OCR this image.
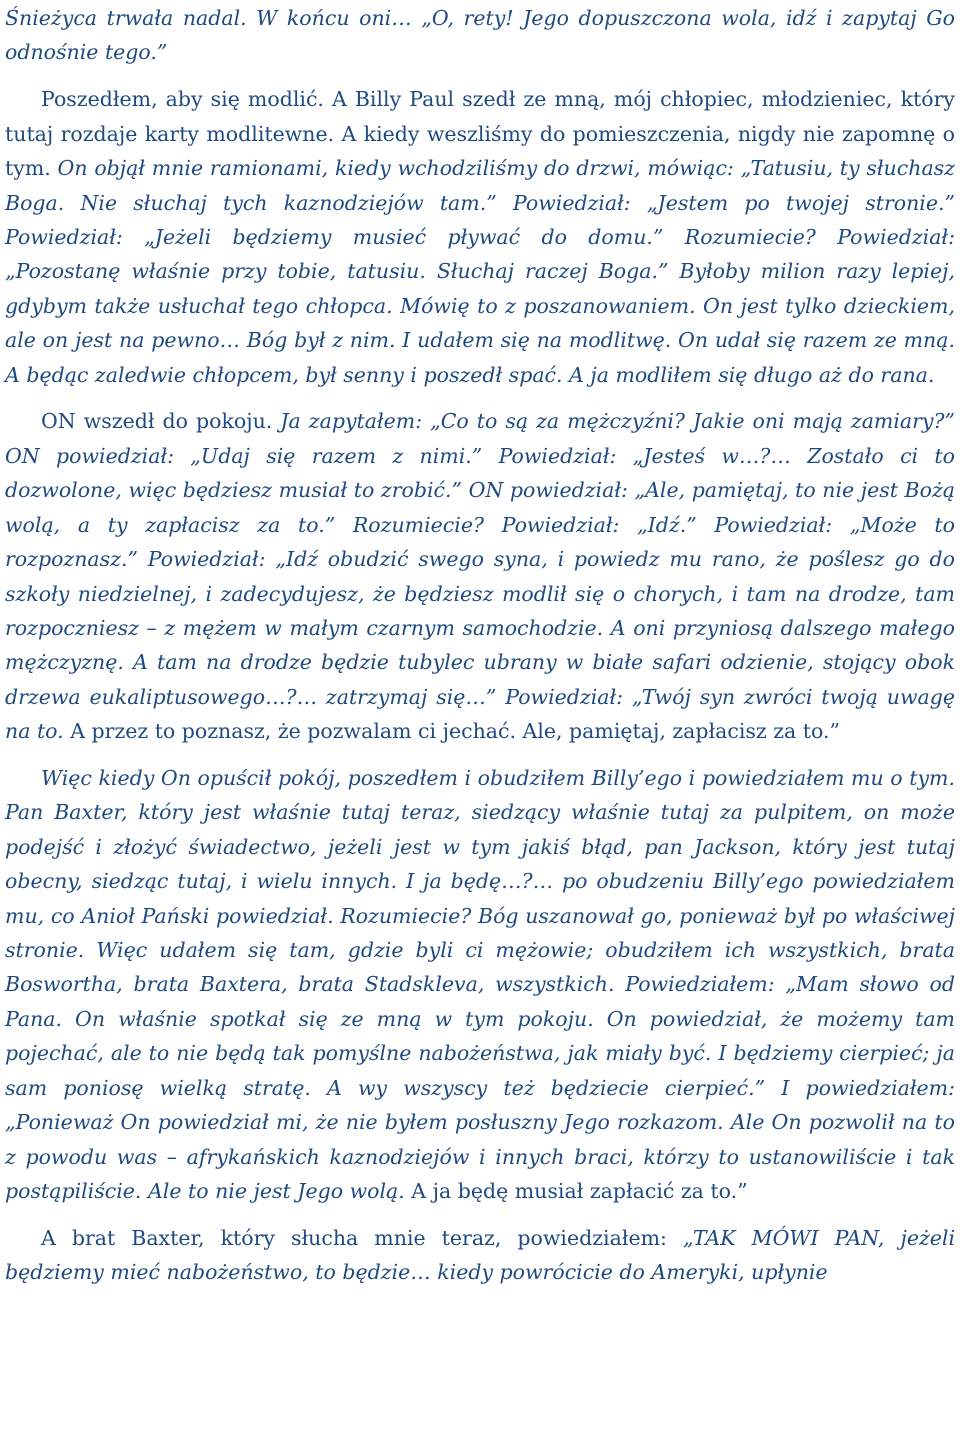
Śnieżyca trwała nadal. W końcu oni… „O, rety! Jego dopuszczona wola, idź i zapytaj Go odnośnie tego.”

Poszedłem, aby się modlić. A Billy Paul szedł ze mną, mój chłopiec, młodzieniec, który tutaj rozdaje karty modlitewne. A kiedy weszliśmy do pomieszczenia, nigdy nie zapomnę o tym. On objął mnie ramionami, kiedy wchodziliśmy do drzwi, mówiąc: „Tatusiu, ty słuchasz Boga. Nie słuchaj tych kaznodziejów tam.” Powiedział: „Jestem po twojej stronie.” Powiedział: „Jeżeli będziemy musieć pływać do domu.” Rozumiecie? Powiedział: „Pozostanę właśnie przy tobie, tatusiu. Słuchaj raczej Boga.” Byłoby milion razy lepiej, gdybym także usłuchał tego chłopca. Mówię to z poszanowaniem. On jest tylko dzieckiem, ale on jest na pewno… Bóg był z nim. I udałem się na modlitwę. On udał się razem ze mną. A będąc zaledwie chłopcem, był senny i poszedł spać. A ja modliłem się długo aż do rana.

ON wszedł do pokoju. Ja zapytałem: „Co to są za mężczyźni? Jakie oni mają zamiary?” ON powiedział: „Udaj się razem z nimi.” Powiedział: „Jesteś w…?… Zostało ci to dozwolone, więc będziesz musiał to zrobić.” ON powiedział: „Ale, pamiętaj, to nie jest Bożą wolą, a ty zapłacisz za to.” Rozumiecie? Powiedział: „Idź.” Powiedział: „Może to rozpoznasz.” Powiedział: „Idź obudzić swego syna, i powiedz mu rano, że poślesz go do szkoły niedzielnej, i zadecydujesz, że będziesz modlił się o chorych, i tam na drodze, tam rozpoczniesz – z mężem w małym czarnym samochodzie. A oni przyniosą dalszego małego mężczyznę. A tam na drodze będzie tubylec ubrany w białe safari odzienie, stojący obok drzewa eukaliptusowego…?… zatrzymaj się…” Powiedział: „Twój syn zwróci twoją uwagę na to. A przez to poznasz, że pozwalam ci jechać. Ale, pamiętaj, zapłacisz za to.”

Więc kiedy On opuścił pokój, poszedłem i obudziłem Billy’ego i powiedziałem mu o tym. Pan Baxter, który jest właśnie tutaj teraz, siedzący właśnie tutaj za pulpitem, on może podejść i złożyć świadectwo, jeżeli jest w tym jakiś błąd, pan Jackson, który jest tutaj obecny, siedząc tutaj, i wielu innych. I ja będę…?… po obudzeniu Billy’ego powiedziałem mu, co Anioł Pański powiedział. Rozumiecie? Bóg uszanował go, ponieważ był po właściwej stronie. Więc udałem się tam, gdzie byli ci mężowie; obudziłem ich wszystkich, brata Boswortha, brata Baxtera, brata Stadskleva, wszystkich. Powiedziałem: „Mam słowo od Pana. On właśnie spotkał się ze mną w tym pokoju. On powiedział, że możemy tam pojechać, ale to nie będą tak pomyślne nabożeństwa, jak miały być. I będziemy cierpieć; ja sam poniosę wielką stratę. A wy wszyscy też będziecie cierpieć.” I powiedziałem: „Ponieważ On powiedział mi, że nie byłem posłuszny Jego rozkazom. Ale On pozwolił na to z powodu was – afrykańskich kaznodziejów i innych braci, którzy to ustanowiliście i tak postąpiliście. Ale to nie jest Jego wolą. A ja będę musiał zapłacić za to.”

A brat Baxter, który słucha mnie teraz, powiedziałem: „TAK MÓWI PAN, jeżeli będziemy mieć nabożeństwo, to będzie… kiedy powrócicie do Ameryki, upłynie
